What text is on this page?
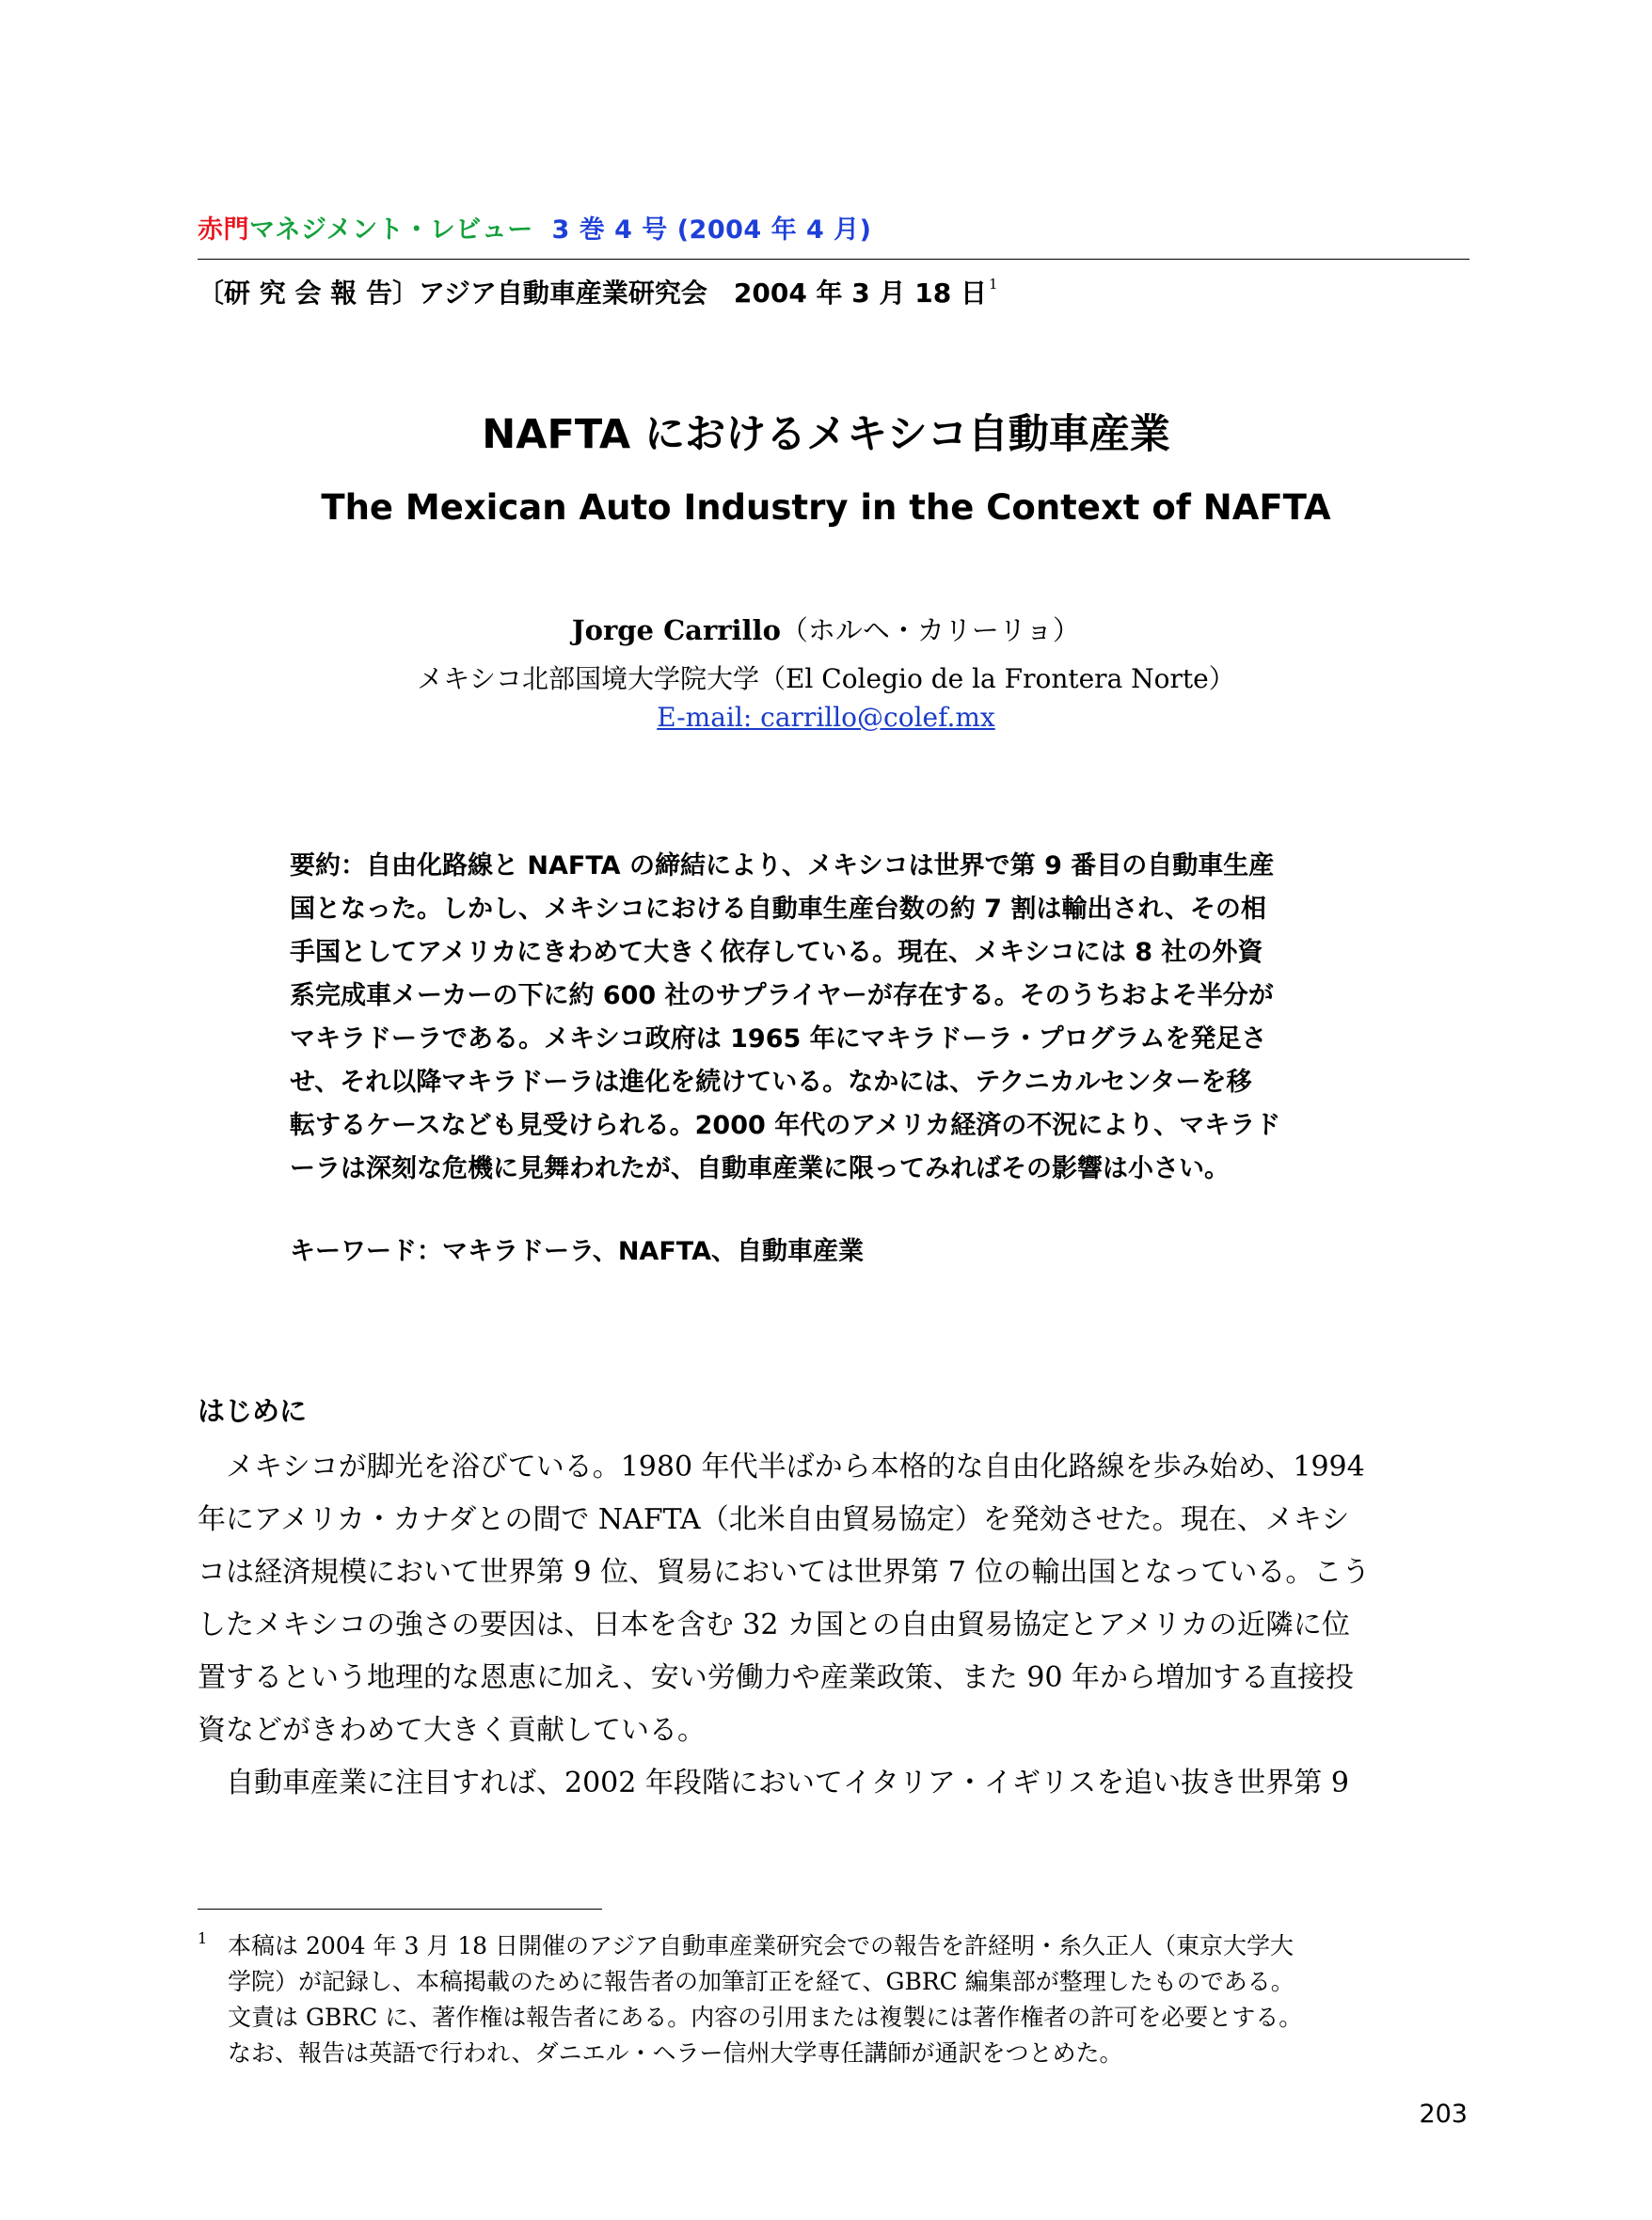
赤門マネジメント・レビュー 3 巻 4 号 (2004 年 4 月)
〔研 究 会 報 告〕アジア自動車産業研究会　2004 年 3 月 18 日 $^1$
NAFTA におけるメキシコ自動車産業
The Mexican Auto Industry in the Context of NAFTA
Jorge Carrillo（ホルヘ・カリーリョ）
メキシコ北部国境大学院大学（El Colegio de la Frontera Norte）
E-mail: carrillo@colef.mx
要約：自由化路線と NAFTA の締結により、メキシコは世界で第 9 番目の自動車生産
国となった。しかし、メキシコにおける自動車生産台数の約 7 割は輸出され、その相
手国としてアメリカにきわめて大きく依存している。現在、メキシコには 8 社の外資
系完成車メーカーの下に約 600 社のサプライヤーが存在する。そのうちおよそ半分が
マキラドーラである。メキシコ政府は 1965 年にマキラドーラ・プログラムを発足さ
せ、それ以降マキラドーラは進化を続けている。なかには、テクニカルセンターを移
転するケースなども見受けられる。2000 年代のアメリカ経済の不況により、マキラド
ーラは深刻な危機に見舞われたが、自動車産業に限ってみればその影響は小さい。
キーワード：マキラドーラ、NAFTA、自動車産業
はじめに
　メキシコが脚光を浴びている。1980 年代半ばから本格的な自由化路線を歩み始め、1994
年にアメリカ・カナダとの間で NAFTA（北米自由貿易協定）を発効させた。現在、メキシ
コは経済規模において世界第 9 位、貿易においては世界第 7 位の輸出国となっている。こう
したメキシコの強さの要因は、日本を含む 32 カ国との自由貿易協定とアメリカの近隣に位
置するという地理的な恩恵に加え、安い労働力や産業政策、また 90 年から増加する直接投
資などがきわめて大きく貢献している。
　自動車産業に注目すれば、2002 年段階においてイタリア・イギリスを追い抜き世界第 9
1 本稿は 2004 年 3 月 18 日開催のアジア自動車産業研究会での報告を許経明・糸久正人（東京大学大
学院）が記録し、本稿掲載のために報告者の加筆訂正を経て、GBRC 編集部が整理したものである。
文責は GBRC に、著作権は報告者にある。内容の引用または複製には著作権者の許可を必要とする。
なお、報告は英語で行われ、ダニエル・ヘラー信州大学専任講師が通訳をつとめた。
203
